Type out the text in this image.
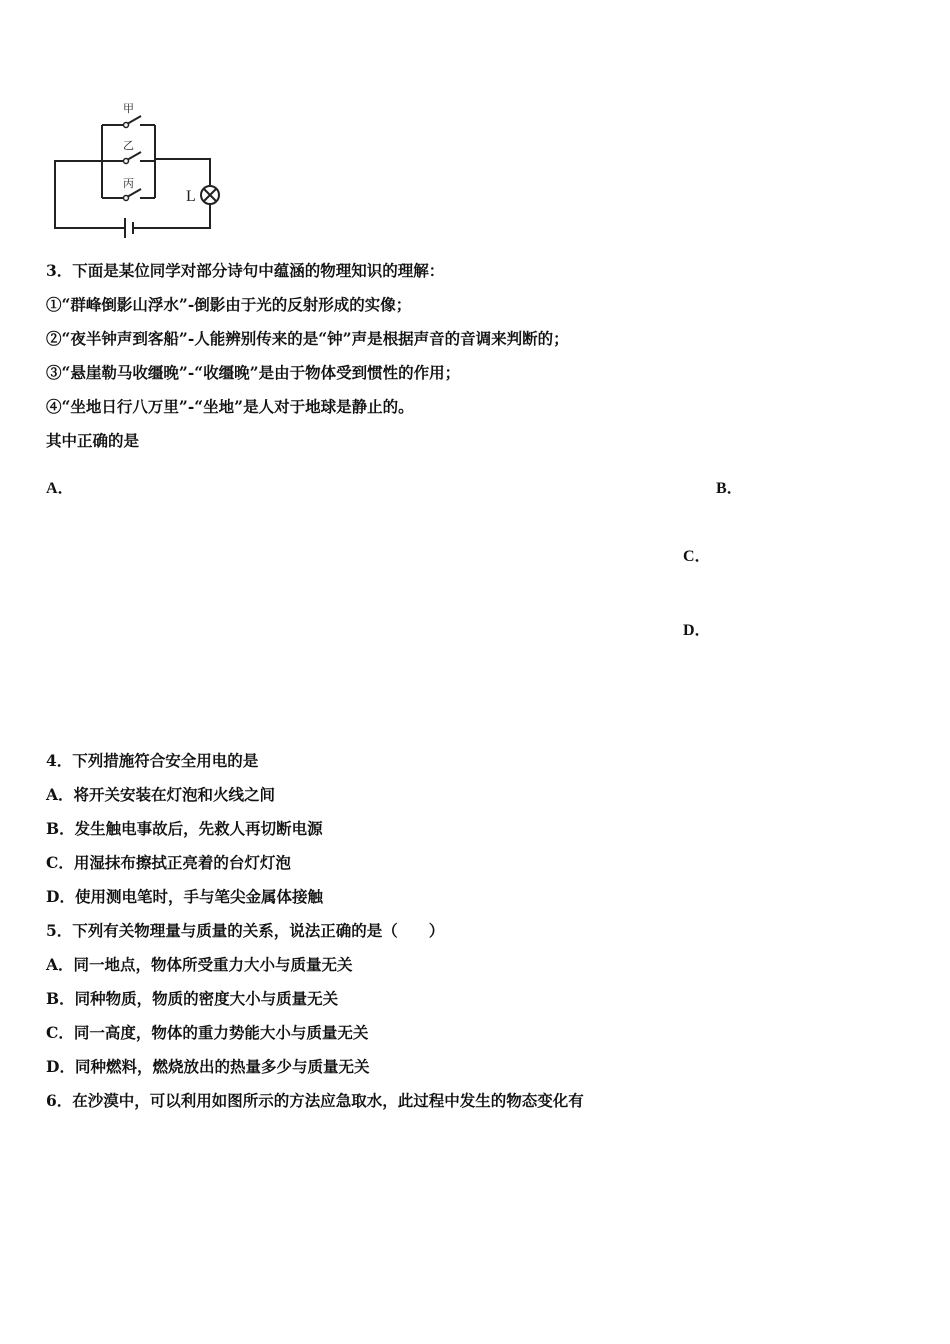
甲
乙
丙
L
3．下面是某位同学对部分诗句中蕴涵的物理知识的理解：
①“群峰倒影山浮水”-倒影由于光的反射形成的实像；
②“夜半钟声到客船”-人能辨别传来的是“钟”声是根据声音的音调来判断的；
③“悬崖勒马收缰晚”-“收缰晚”是由于物体受到惯性的作用；
④“坐地日行八万里”-“坐地”是人对于地球是静止的。
其中正确的是
A．	B．
C．
D．
4．下列措施符合安全用电的是
A．将开关安装在灯泡和火线之间
B．发生触电事故后，先救人再切断电源
C．用湿抹布擦拭正亮着的台灯灯泡
D．使用测电笔时，手与笔尖金属体接触
5．下列有关物理量与质量的关系，说法正确的是（　　）
A．同一地点，物体所受重力大小与质量无关
B．同种物质，物质的密度大小与质量无关
C．同一高度，物体的重力势能大小与质量无关
D．同种燃料，燃烧放出的热量多少与质量无关
6．在沙漠中，可以利用如图所示的方法应急取水，此过程中发生的物态变化有
